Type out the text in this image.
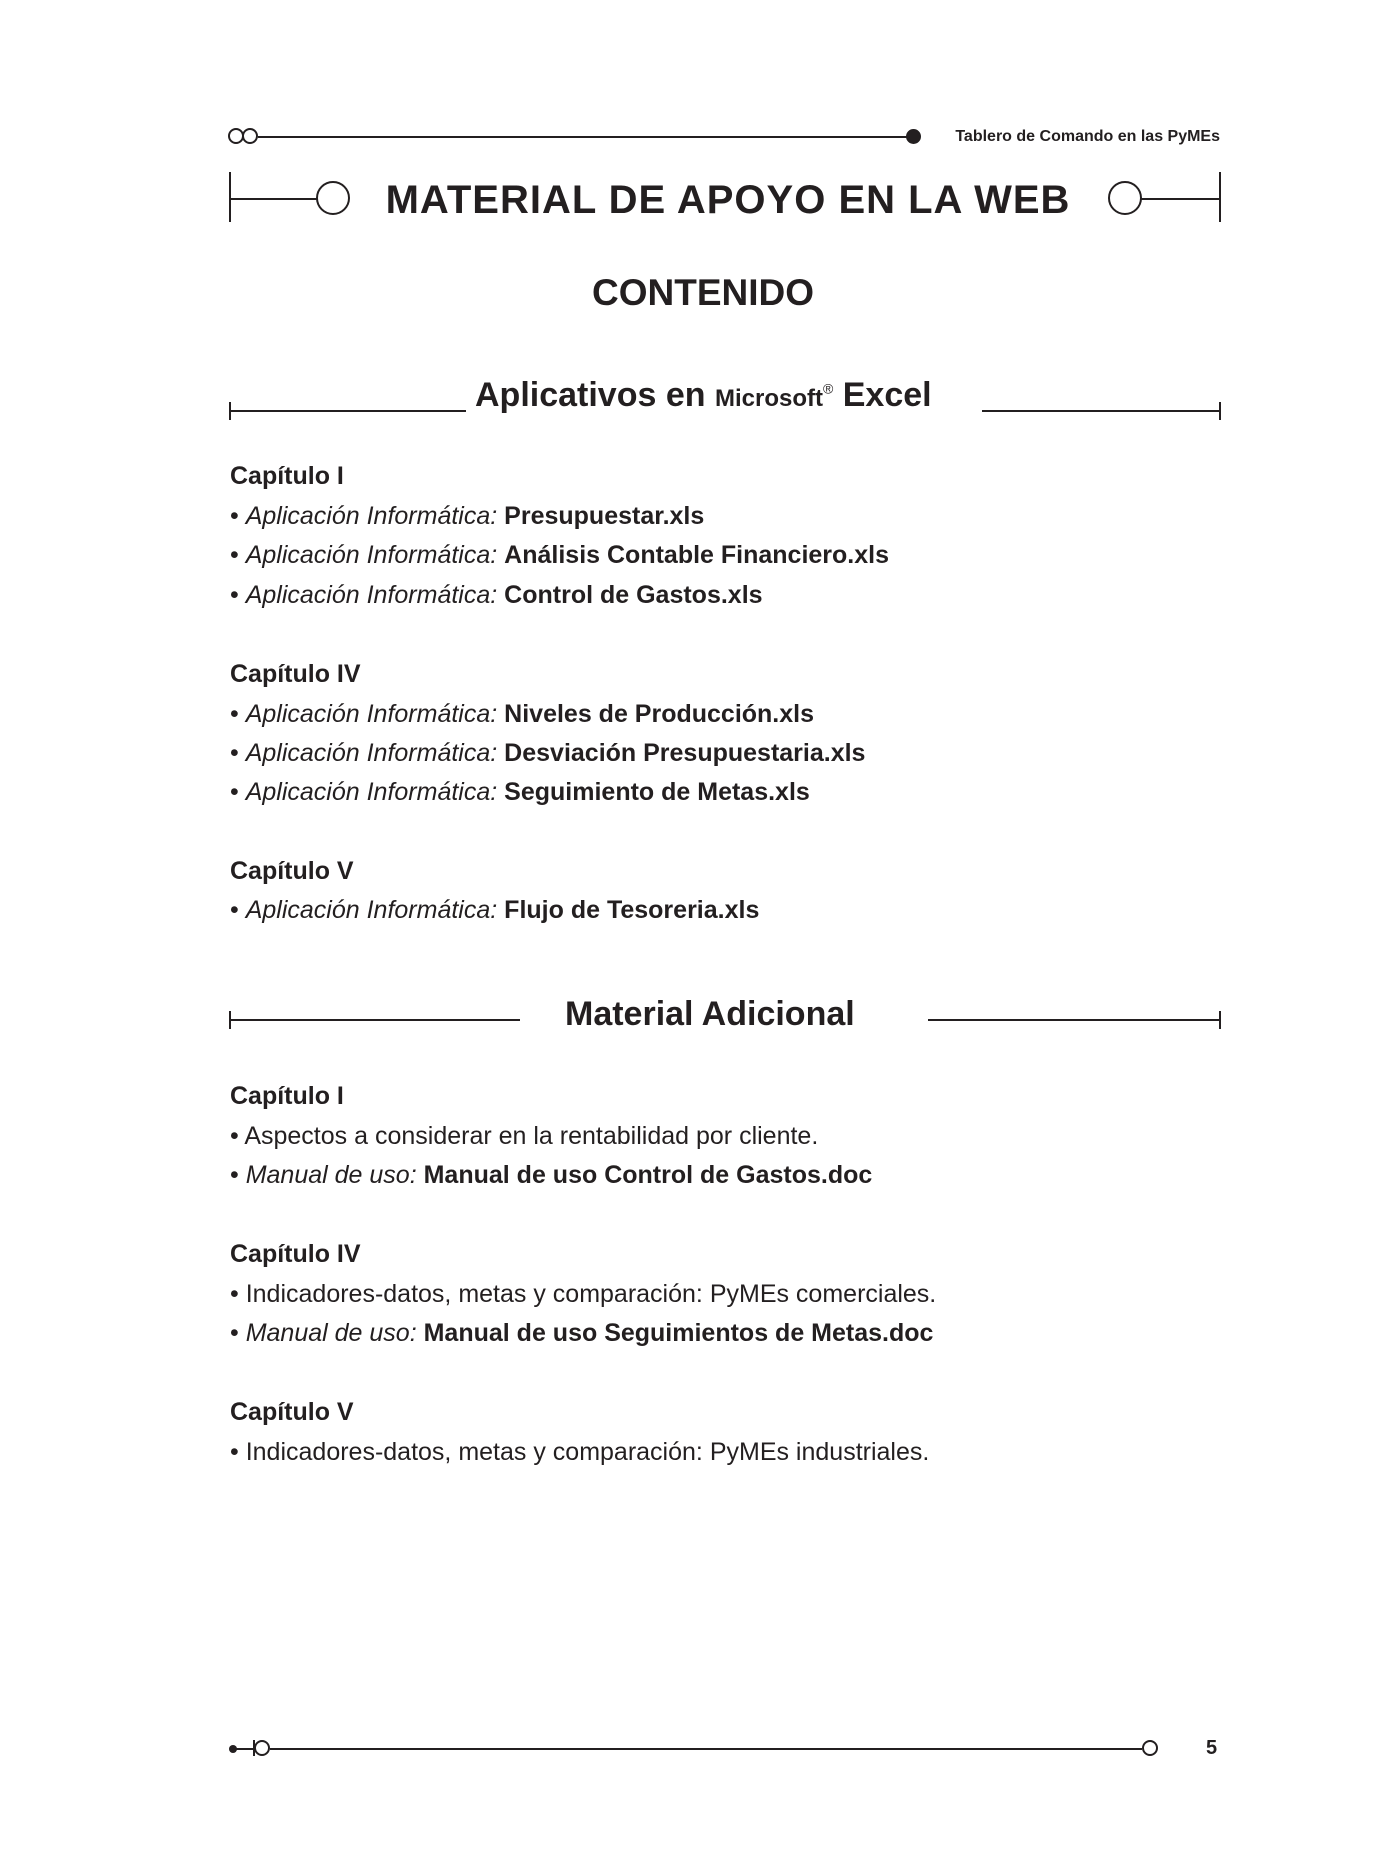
Tablero de Comando en las PyMEs
MATERIAL DE APOYO EN LA WEB
CONTENIDO
Aplicativos en Microsoft® Excel
Capítulo I
• Aplicación Informática: Presupuestar.xls
• Aplicación Informática: Análisis Contable Financiero.xls
• Aplicación Informática: Control de Gastos.xls
Capítulo IV
• Aplicación Informática: Niveles de Producción.xls
• Aplicación Informática: Desviación Presupuestaria.xls
• Aplicación Informática: Seguimiento de Metas.xls
Capítulo V
• Aplicación Informática: Flujo de Tesoreria.xls
Material Adicional
Capítulo I
• Aspectos a considerar en la rentabilidad por cliente.
• Manual de uso: Manual de uso Control de Gastos.doc
Capítulo IV
• Indicadores-datos, metas y comparación: PyMEs comerciales.
• Manual de uso: Manual de uso Seguimientos de Metas.doc
Capítulo V
• Indicadores-datos, metas y comparación: PyMEs industriales.
5
